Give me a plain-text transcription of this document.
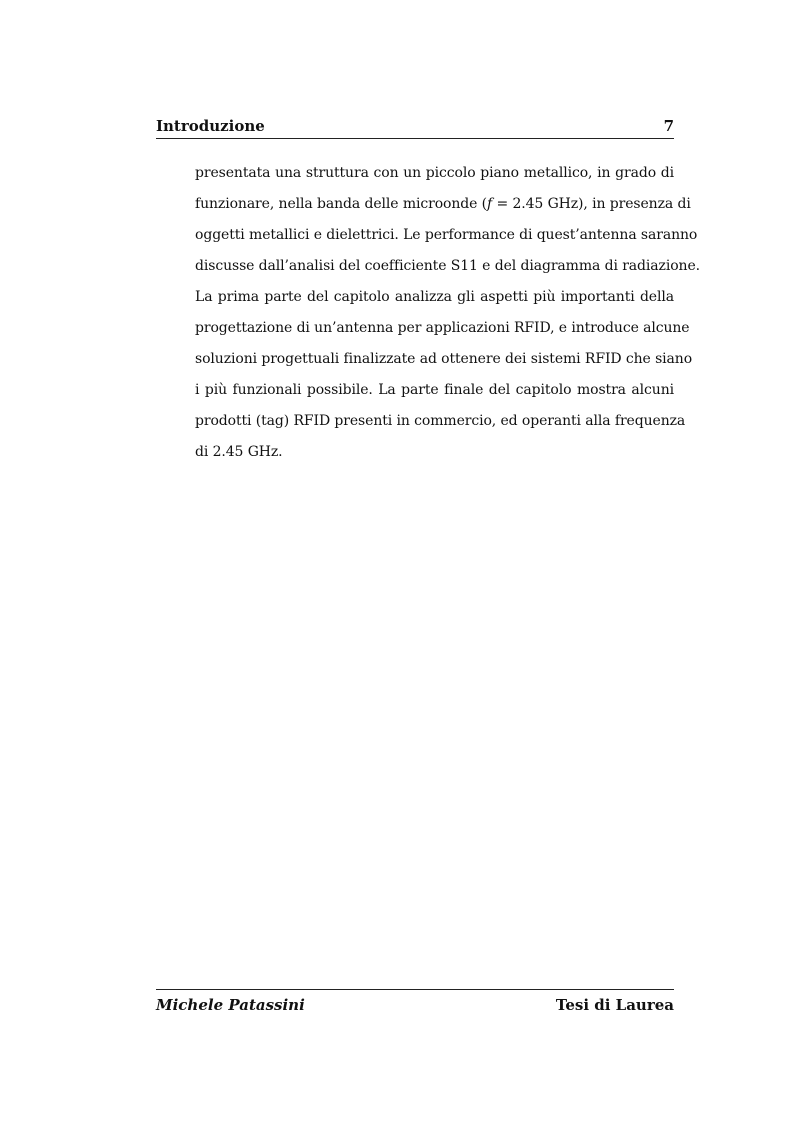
Introduzione	7
presentata una struttura con un piccolo piano metallico, in grado di
funzionare, nella banda delle microonde (f = 2.45 GHz), in presenza di
oggetti metallici e dielettrici. Le performance di quest’antenna saranno
discusse dall’analisi del coefficiente S11 e del diagramma di radiazione.
La prima parte del capitolo analizza gli aspetti più importanti della
progettazione di un’antenna per applicazioni RFID, e introduce alcune
soluzioni progettuali finalizzate ad ottenere dei sistemi RFID che siano
i più funzionali possibile. La parte finale del capitolo mostra alcuni
prodotti (tag) RFID presenti in commercio, ed operanti alla frequenza
di 2.45 GHz.
Michele Patassini	Tesi di Laurea
